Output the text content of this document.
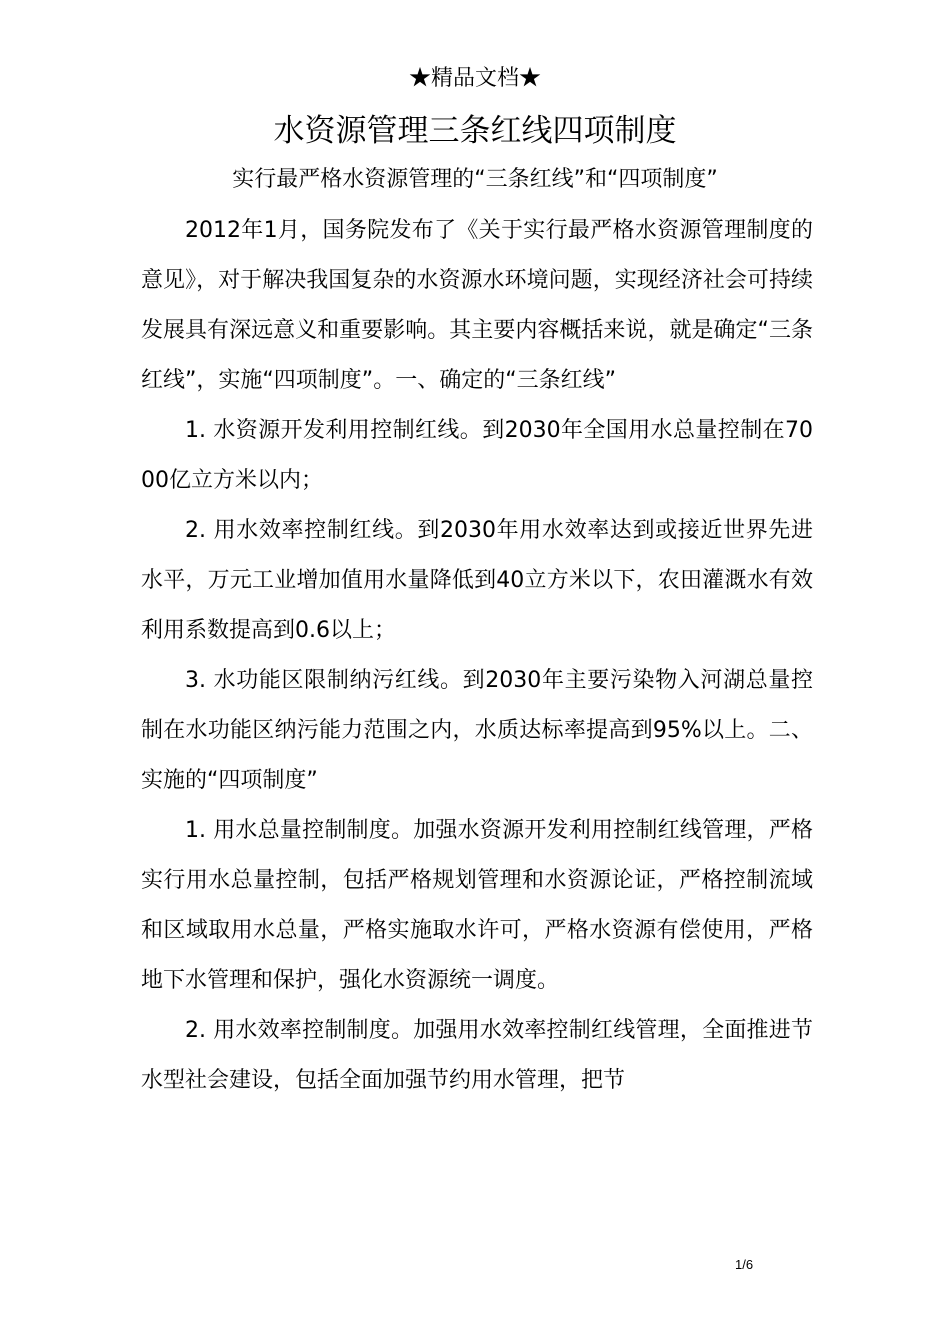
★精品文档★
水资源管理三条红线四项制度
实行最严格水资源管理的“三条红线”和“四项制度”

2012年1月，国务院发布了《关于实行最严格水资源管理制度的意见》，对于解决我国复杂的水资源水环境问题，实现经济社会可持续发展具有深远意义和重要影响。其主要内容概括来说，就是确定“三条红线”，实施“四项制度”。一、确定的“三条红线”

1. 水资源开发利用控制红线。到2030年全国用水总量控制在7000亿立方米以内；

2. 用水效率控制红线。到2030年用水效率达到或接近世界先进水平，万元工业增加值用水量降低到40立方米以下，农田灌溉水有效利用系数提高到0.6以上；

3. 水功能区限制纳污红线。到2030年主要污染物入河湖总量控制在水功能区纳污能力范围之内，水质达标率提高到95%以上。二、实施的“四项制度”

1. 用水总量控制制度。加强水资源开发利用控制红线管理，严格实行用水总量控制，包括严格规划管理和水资源论证，严格控制流域和区域取用水总量，严格实施取水许可，严格水资源有偿使用，严格地下水管理和保护，强化水资源统一调度。

2. 用水效率控制制度。加强用水效率控制红线管理，全面推进节水型社会建设，包括全面加强节约用水管理，把节

1/6
